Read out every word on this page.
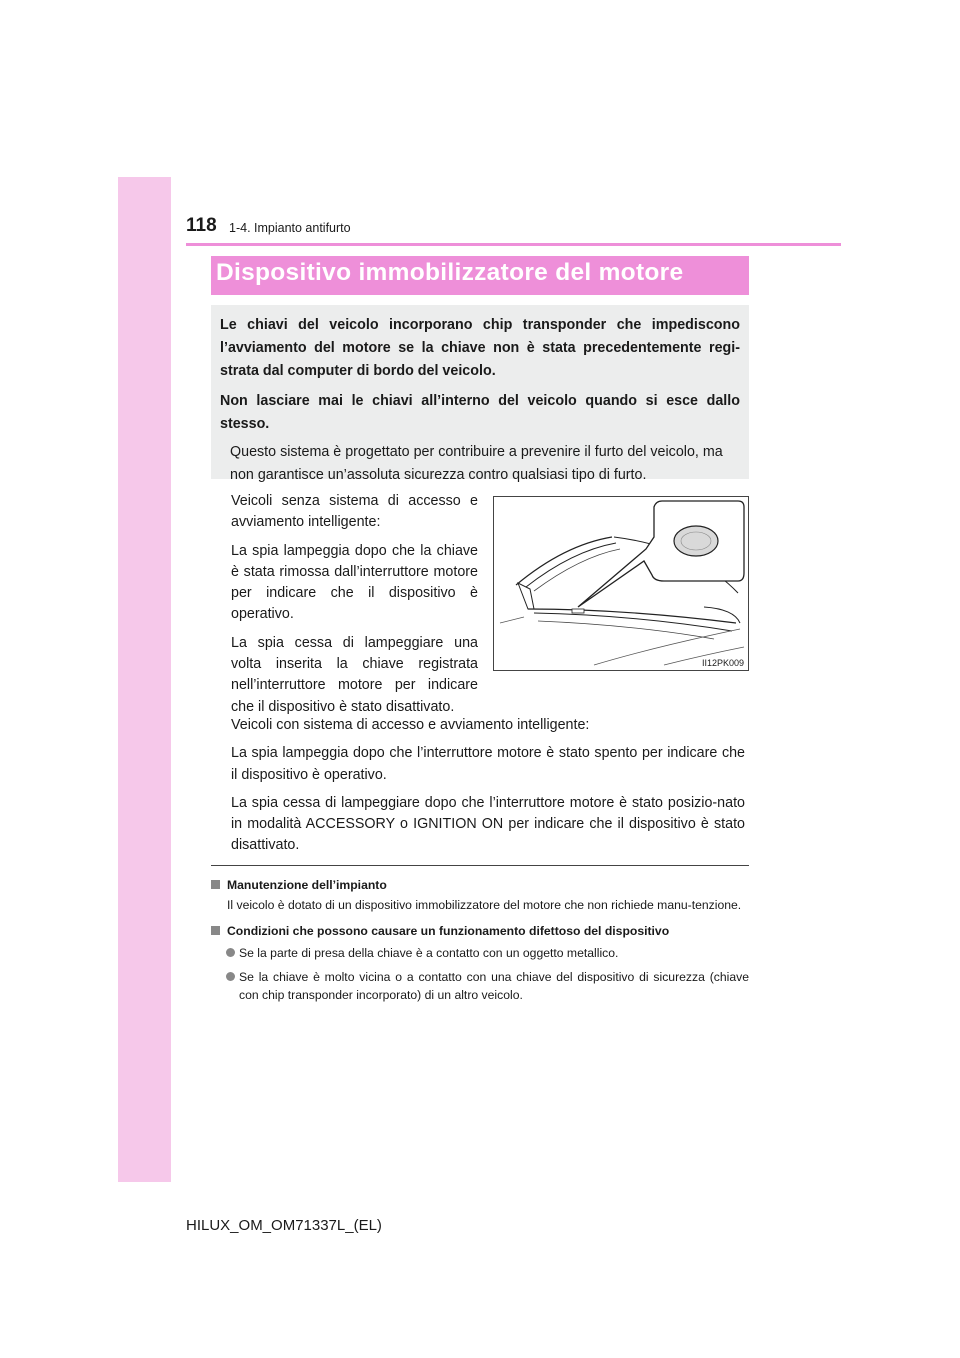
118 1-4. Impianto antifurto
Dispositivo immobilizzatore del motore

Le chiavi del veicolo incorporano chip transponder che impediscono l’avviamento del motore se la chiave non è stata precedentemente regi-strata dal computer di bordo del veicolo.

Non lasciare mai le chiavi all’interno del veicolo quando si esce dallo stesso.

Questo sistema è progettato per contribuire a prevenire il furto del veicolo, ma non garantisce un’assoluta sicurezza contro qualsiasi tipo di furto.

Veicoli senza sistema di accesso e avviamento intelligente:

La spia lampeggia dopo che la chiave è stata rimossa dall’interruttore motore per indicare che il dispositivo è operativo.

La spia cessa di lampeggiare una volta inserita la chiave registrata nell’interruttore motore per indicare che il dispositivo è stato disattivato.

II12PK009

Veicoli con sistema di accesso e avviamento intelligente:

La spia lampeggia dopo che l’interruttore motore è stato spento per indicare che il dispositivo è operativo.

La spia cessa di lampeggiare dopo che l’interruttore motore è stato posizio-nato in modalità ACCESSORY o IGNITION ON per indicare che il dispositivo è stato disattivato.

Manutenzione dell’impianto

Il veicolo è dotato di un dispositivo immobilizzatore del motore che non richiede manu-tenzione.

Condizioni che possono causare un funzionamento difettoso del dispositivo

Se la parte di presa della chiave è a contatto con un oggetto metallico.

Se la chiave è molto vicina o a contatto con una chiave del dispositivo di sicurezza (chiave con chip transponder incorporato) di un altro veicolo.

HILUX_OM_OM71337L_(EL)
